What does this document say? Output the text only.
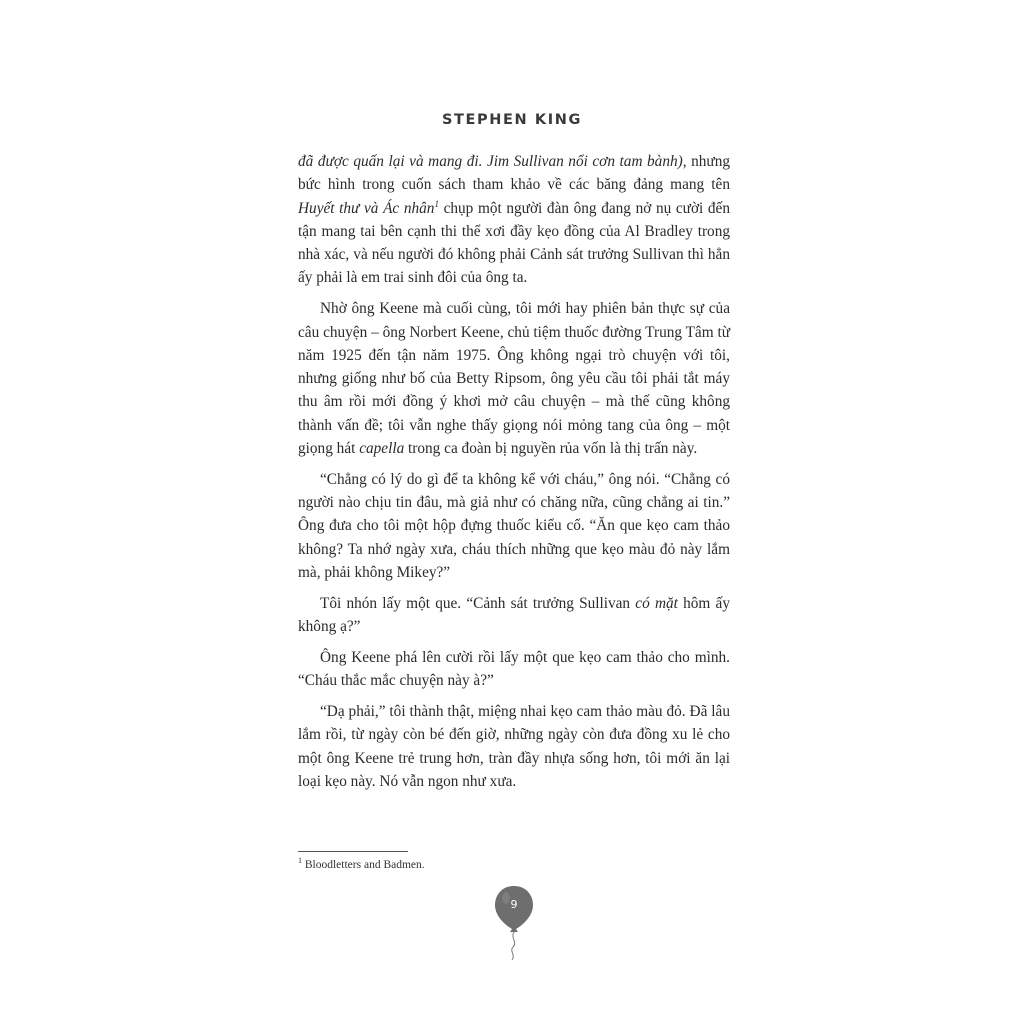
STEPHEN KING

đã được quấn lại và mang đi. Jim Sullivan nổi cơn tam bành), nhưng bức hình trong cuốn sách tham khảo về các băng đảng mang tên Huyết thư và Ác nhân$^1$ chụp một người đàn ông đang nở nụ cười đến tận mang tai bên cạnh thi thể xơi đầy kẹo đồng của Al Bradley trong nhà xác, và nếu người đó không phải Cảnh sát trưởng Sullivan thì hẳn ấy phải là em trai sinh đôi của ông ta.

Nhờ ông Keene mà cuối cùng, tôi mới hay phiên bản thực sự của câu chuyện – ông Norbert Keene, chủ tiệm thuốc đường Trung Tâm từ năm 1925 đến tận năm 1975. Ông không ngại trò chuyện với tôi, nhưng giống như bố của Betty Ripsom, ông yêu cầu tôi phải tắt máy thu âm rồi mới đồng ý khơi mở câu chuyện – mà thế cũng không thành vấn đề; tôi vẫn nghe thấy giọng nói mỏng tang của ông – một giọng hát capella trong ca đoàn bị nguyền rủa vốn là thị trấn này.

“Chẳng có lý do gì để ta không kể với cháu,” ông nói. “Chẳng có người nào chịu tin đâu, mà giả như có chăng nữa, cũng chẳng ai tin.” Ông đưa cho tôi một hộp đựng thuốc kiểu cổ. “Ăn que kẹo cam thảo không? Ta nhớ ngày xưa, cháu thích những que kẹo màu đỏ này lắm mà, phải không Mikey?”

Tôi nhón lấy một que. “Cảnh sát trưởng Sullivan có mặt hôm ấy không ạ?”

Ông Keene phá lên cười rồi lấy một que kẹo cam thảo cho mình. “Cháu thắc mắc chuyện này à?”

“Dạ phải,” tôi thành thật, miệng nhai kẹo cam thảo màu đỏ. Đã lâu lắm rồi, từ ngày còn bé đến giờ, những ngày còn đưa đồng xu lẻ cho một ông Keene trẻ trung hơn, tràn đầy nhựa sống hơn, tôi mới ăn lại loại kẹo này. Nó vẫn ngon như xưa.

$^1$ Bloodletters and Badmen.
9
